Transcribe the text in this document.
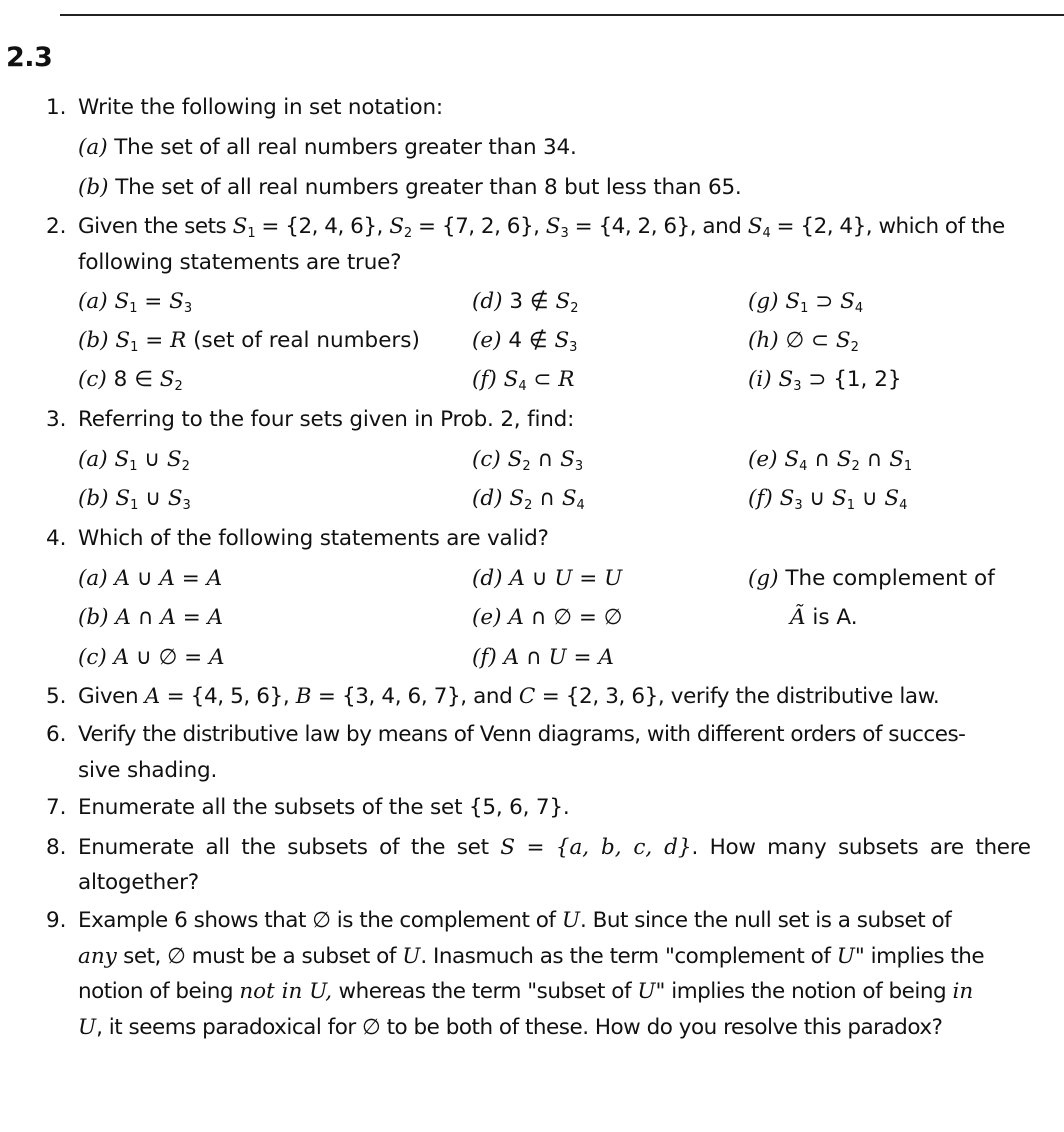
2.3
1. Write the following in set notation:
(a) The set of all real numbers greater than 34.
(b) The set of all real numbers greater than 8 but less than 65.
2. Given the sets $S_1 = \{2$, 4, 6}, $S_2 = \{7$, 2, 6}, $S_3 = \{4$, 2, 6}, and $S_4 = \{2$, 4}, which of the
following statements are true?
(a) $S_1 = S_3$
(b) $S_1 = R$ (set of real numbers)
(c) 8 ∈ $S_2$
(d) 3 ∉ $S_2$
(e) 4 ∉ $S_3$
(f) $S_4$ ⊂ R
(g) $S_1$ ⊃ $S_4$
(h) ∅ ⊂ $S_2$
(i) $S_3$ ⊃ {1, 2}
3. Referring to the four sets given in Prob. 2, find:
(a) $S_1$ ∪ $S_2$
(b) $S_1$ ∪ $S_3$
(c) $S_2$ ∩ $S_3$
(d) $S_2$ ∩ $S_4$
(e) $S_4$ ∩ $S_2$ ∩ $S_1$
(f) $S_3$ ∪ $S_1$ ∪ $S_4$
4. Which of the following statements are valid?
(a) A ∪ A = A
(b) A ∩ A = A
(c) A ∪ ∅ = A
(d) A ∪ U = U
(e) A ∩ ∅ = ∅
(f) A ∩ U = A
(g) The complement of
Ã is A.
5. Given A = {4, 5, 6}, B = {3, 4, 6, 7}, and C = {2, 3, 6}, verify the distributive law.
6. Verify the distributive law by means of Venn diagrams, with different orders of succes-
sive shading.
7. Enumerate all the subsets of the set {5, 6, 7}.
8. Enumerate all the subsets of the set S = {a, b, c, d}. How many subsets are there
altogether?
9. Example 6 shows that ∅ is the complement of U. But since the null set is a subset of
any set, ∅ must be a subset of U. Inasmuch as the term "complement of U" implies the
notion of being not in U, whereas the term "subset of U" implies the notion of being in
U, it seems paradoxical for ∅ to be both of these. How do you resolve this paradox?
